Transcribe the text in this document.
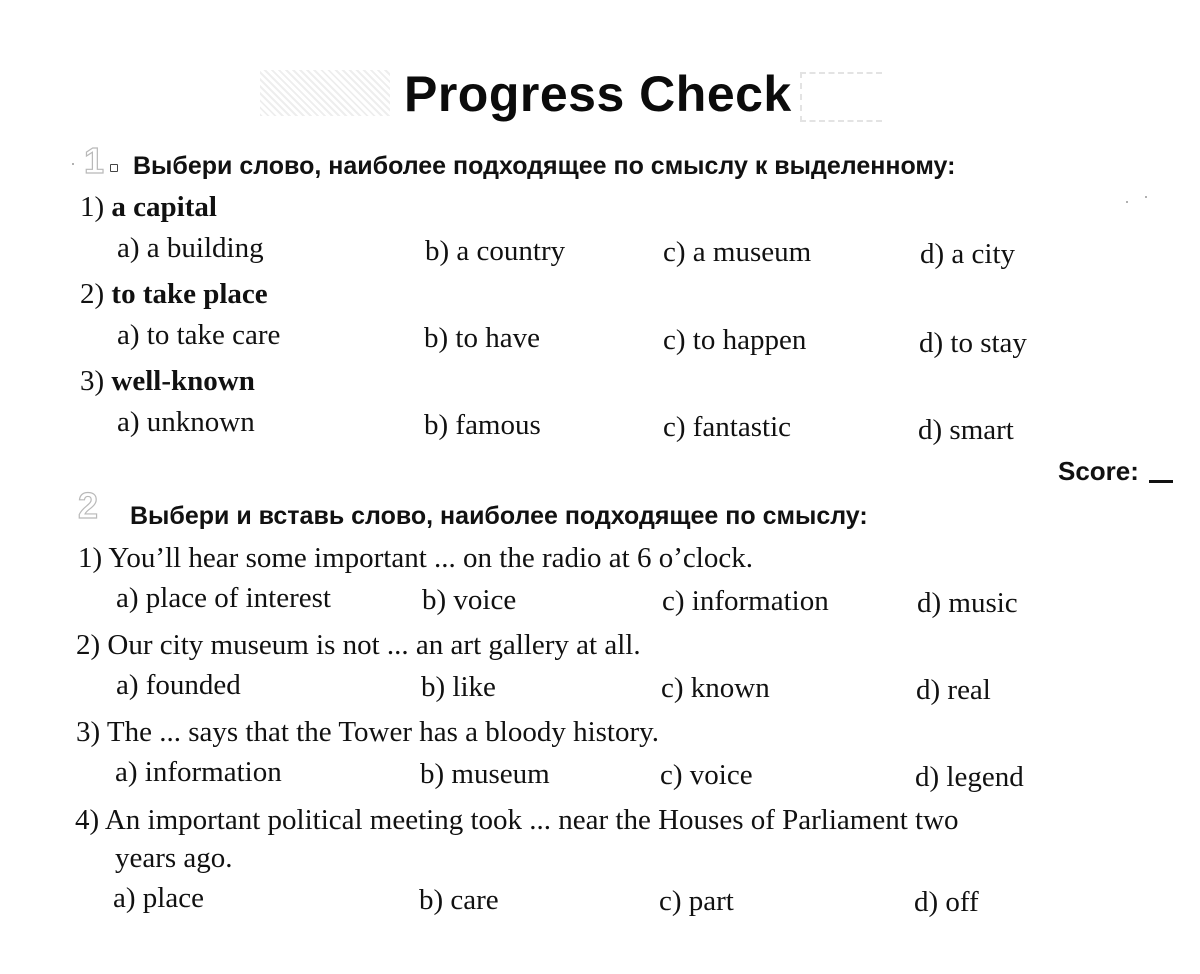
Progress Check
1 Выбери слово, наиболее подходящее по смыслу к выделенному:
1) a capital
a) a building	b) a country	c) a museum	d) a city
2) to take place
a) to take care	b) to have	c) to happen	d) to stay
3) well-known
a) unknown	b) famous	c) fantastic	d) smart
Score:
2 Выбери и вставь слово, наиболее подходящее по смыслу:
1) You’ll hear some important ... on the radio at 6 o’clock.
a) place of interest	b) voice	c) information	d) music
2) Our city museum is not ... an art gallery at all.
a) founded	b) like	c) known	d) real
3) The ... says that the Tower has a bloody history.
a) information	b) museum	c) voice	d) legend
4) An important political meeting took ... near the Houses of Parliament two
years ago.
a) place	b) care	c) part	d) off
